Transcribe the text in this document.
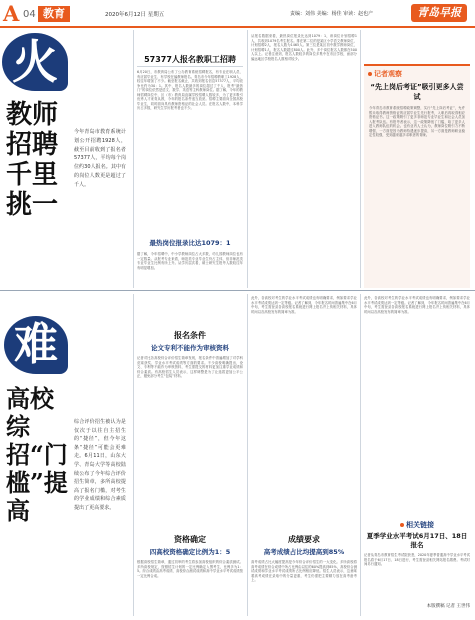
A 04 教育	2020年6月12日 星期五	责编：刘伟 美编：杨佳 审读：赵也产	青岛早报
火
教师招聘千里挑一
今年青岛市教育系统计划公开招聘1928人，截至目前收到了报名者57377人，平均每个岗位约30人报名。其中有的岗位人数更是超过了千人。
57377人报名教职工招聘
6月20日，市教育局公布了公办教育系统招聘报名，有专业在职人员、有应届毕业生、有学校在编教师报名。青岛市今年招聘教职工1928人，较往年增加了不少。截至报名截止，共收到报名信息57377人，平均竞争比约为30：1。其中，报名人数最多的岗位超过了千人，报考“最热门”的岗位依然是语文、数学、英语等主科教师岗位。据了解，今年的教师招聘岗位中，区（市）教育局直属学校招聘人数较多，为了更多吸引优秀人才来青从教，今年的报名条件适当放宽。招聘主要面向全国高校毕业生，同时面向具有教师资格证的社会人员。在报名人数中，本科学历占多数，研究生学历报考者也不少。
最热岗位报录比达1079：1
据了解，今年招聘中，中小学教师岗位占大多数，幼儿园教师岗位也有一定数量。从报考专业来看，师范类专业毕业生仍占主体，但非师范类专业毕业生比例有所上升。从学历层次看，硕士研究生报考人数较往年有明显增加。
从报名数据来看，最热岗位报录比达到1079：1，该岗位计划招聘1人，共收到1079名考生报名。排在第二位的是某区小学语文教师岗位，计划招聘2人，报名人数为1465人。第三位是某区初中数学教师岗位，计划招聘1人，报名人数超过800人。此外，多个岗位报名人数都在500人以上。记者注意到，报名人数较多的岗位多集中在市区学校，而部分偏远地区学校报名人数相对较少。
记者观察
“先上岗后考证”吸引更多人尝试
今年青岛市教育系统招聘政策调整，实行“先上岗后考证”，允许暂未取得教师资格证的应届毕业生先行报考，入职后再取得相应资格证书。这一政策吸引了更多非师范专业毕业生和社会人员加入报考队伍。有报考者表示，这一政策降低了门槛，给了更多人进入教师队伍的机会。也有业内人士认为，教师岗位吸引力不断增强，一方面是因为教师待遇逐步提高，另一方面是教师职业稳定性较强，受到越来越多求职者的青睐。
难
高校综招“门槛”提高
综合评价招生被认为是仅次于以往自主招生的“捷径”，但今年这条“捷径”可能会更难走。6月11日，山东大学、青岛大学等高校陆续公布了今年综合评价招生简章，多所高校提高了报名门槛，对考生的学业成绩和综合素质提出了更高要求。
报名条件
论文专利不能作为审核资料
记者对比各高校综合评价招生简章发现，报名条件中普遍增加了对学科竞赛获奖、学业水平考试成绩等方面的要求。不少高校明确提出，论文、专利等不能作为审核资料，考生需提交的材料更加注重学业成绩和综合素质。有高校招生人员表示，这样调整是为了让选拔更加公平公正，避免部分考生“包装”材料。
资格确定
四高校资格确定比例为1：5
根据高校招生简章，通过初审的考生将参加高校组织的综合素质测试。多所高校规定，按照招生计划的一定比例确定入围考生，比例多为1：5。综合成绩由高考成绩、高校综合测试成绩和高中学业水平考试成绩按一定比例合成。
此外，各高校对考生的学业水平考试成绩也有明确要求，例如要求学业水平考试成绩达到一定等级。记者了解到，今年报名时间普遍集中在6月中旬，考生需登录各高校报名系统进行网上报名并上传相关材料，具体时间以各高校发布的简章为准。
成绩要求
高考成绩占比均提高到85%
高考成绩占比大幅度提高是今年综合评价招生的一大变化。多所高校将高考成绩在综合成绩中所占比例由以往的60%提高到85%，高校综合测试成绩和学业水平考试成绩所占比例相应降低。招生人员表示，这意味着高考成绩在录取中的分量更重，考生仍需把主要精力放在高考备考上。
此外，各高校对考生的学业水平考试成绩也有明确要求，例如要求学业水平考试成绩达到一定等级。记者了解到，今年报名时间普遍集中在6月中旬，考生需登录各高校报名系统进行网上报名并上传相关材料，具体时间以各高校发布的简章为准。
相关链接
夏季学业水平考试6月17日、18日报名
记者从青岛市教育招生考试院获悉，2020年夏季普通高中学业水平考试报名将于6月17日、18日进行，考生需登录相关网站报名缴费。考试时间另行通知。
本版撰稿 记者 王世伟
